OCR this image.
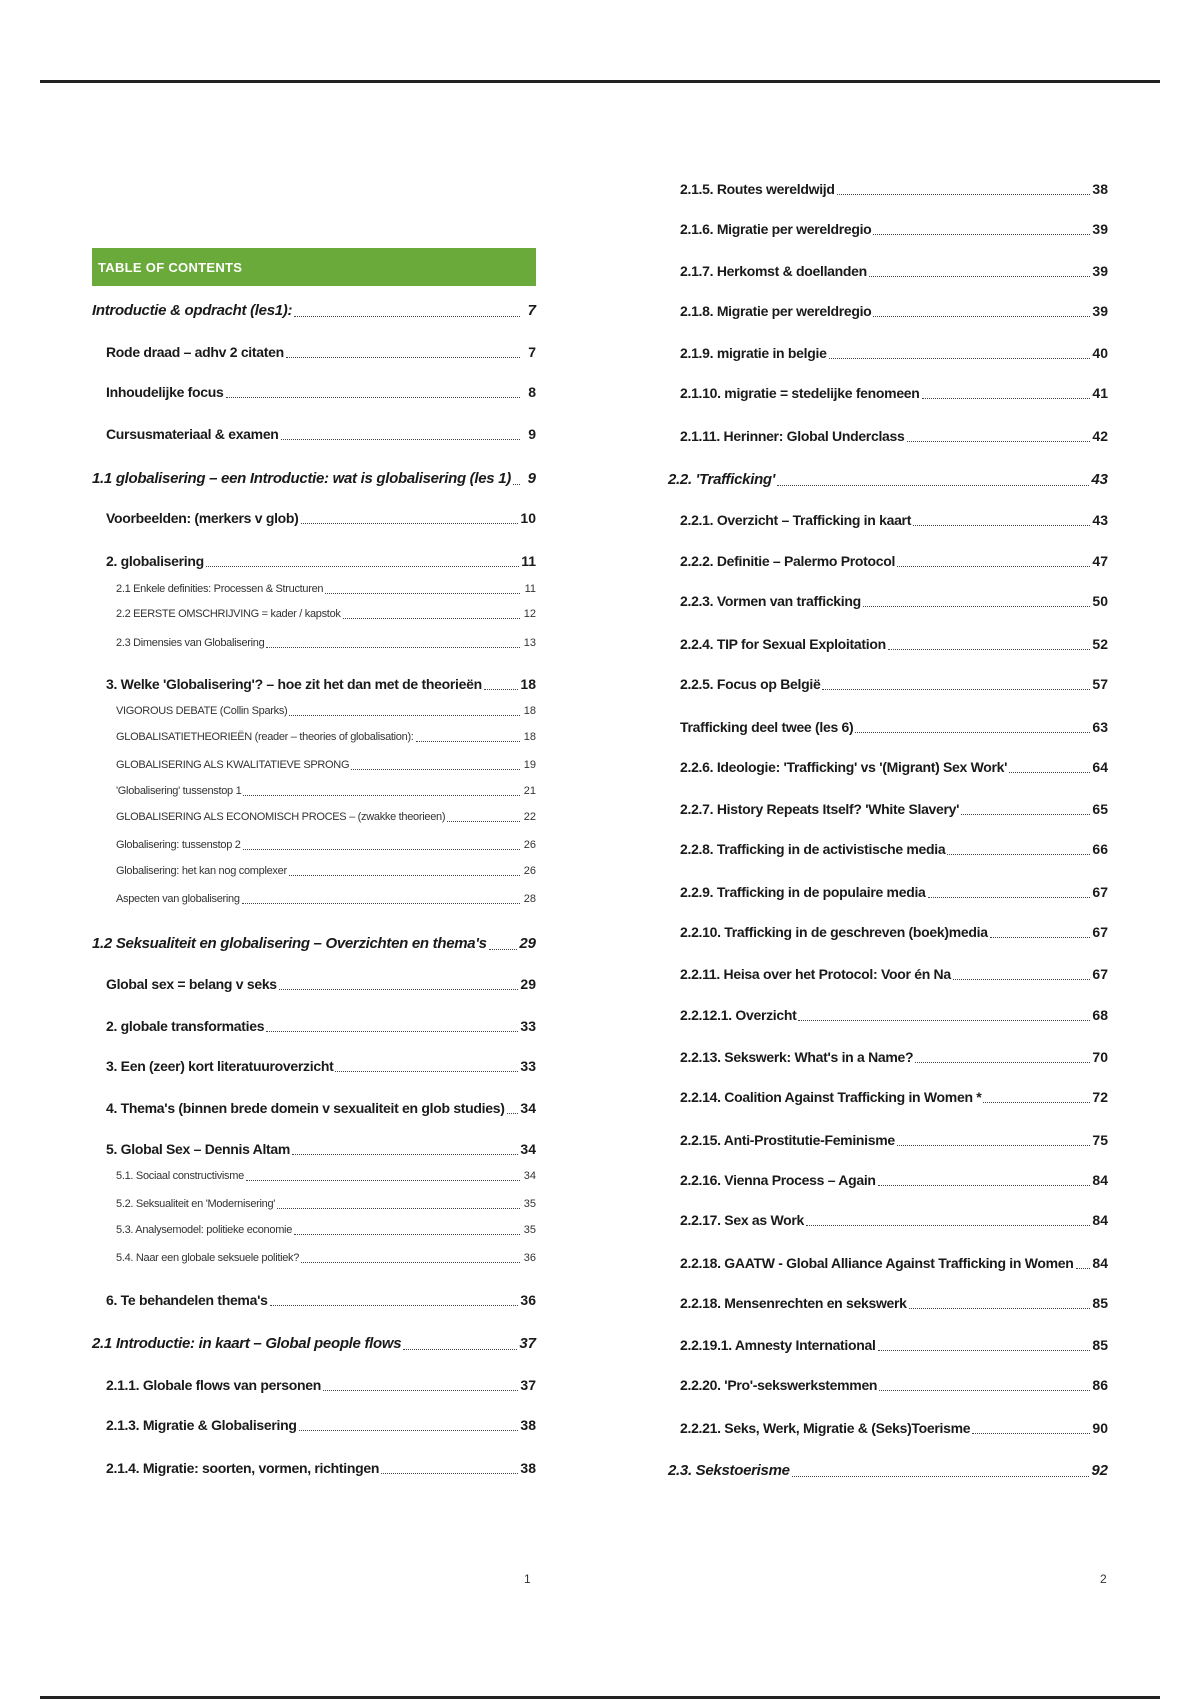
TABLE OF CONTENTS
Introductie & opdracht (les1):	7
Rode draad – adhv 2 citaten	7
Inhoudelijke focus	8
Cursusmateriaal & examen	9
1.1 globalisering – een Introductie: wat is globalisering (les 1)	9
Voorbeelden: (merkers v glob)	10
2. globalisering	11
2.1 Enkele definities: Processen & Structuren	11
2.2 EERSTE OMSCHRIJVING = kader / kapstok	12
2.3 Dimensies van Globalisering	13
3. Welke 'Globalisering'? – hoe zit het dan met de theorieën	18
VIGOROUS DEBATE (Collin Sparks)	18
GLOBALISATIETHEORIEËN (reader – theories of globalisation):	18
GLOBALISERING ALS KWALITATIEVE SPRONG	19
'Globalisering' tussenstop 1	21
GLOBALISERING ALS ECONOMISCH PROCES – (zwakke theorieen)	22
Globalisering: tussenstop 2	26
Globalisering: het kan nog complexer	26
Aspecten van globalisering	28
1.2 Seksualiteit en globalisering – Overzichten en thema's 29
Global sex = belang v seks	29
2. globale transformaties	33
3. Een (zeer) kort literatuuroverzicht	33
4. Thema's (binnen brede domein v sexualiteit en glob studies) 34
5. Global Sex – Dennis Altam	34
5.1. Sociaal constructivisme	34
5.2. Seksualiteit en 'Modernisering'	35
5.3. Analysemodel: politieke economie	35
5.4. Naar een globale seksuele politiek?	36
6. Te behandelen thema's	36
2.1 Introductie: in kaart – Global people flows	37
2.1.1. Globale flows van personen	37
2.1.3. Migratie & Globalisering	38
2.1.4. Migratie: soorten, vormen, richtingen	38
2.1.5. Routes wereldwijd	38
2.1.6. Migratie per wereldregio	39
2.1.7. Herkomst & doellanden	39
2.1.8. Migratie per wereldregio	39
2.1.9. migratie in belgie	40
2.1.10. migratie = stedelijke fenomeen	41
2.1.11. Herinner: Global Underclass	42
2.2. 'Trafficking'	43
2.2.1. Overzicht – Trafficking in kaart	43
2.2.2. Definitie – Palermo Protocol	47
2.2.3. Vormen van trafficking	50
2.2.4. TIP for Sexual Exploitation	52
2.2.5. Focus op België	57
Trafficking deel twee (les 6)	63
2.2.6. Ideologie: 'Trafficking' vs '(Migrant) Sex Work'	64
2.2.7. History Repeats Itself? 'White Slavery'	65
2.2.8. Trafficking in de activistische media	66
2.2.9. Trafficking in de populaire media	67
2.2.10. Trafficking in de geschreven (boek)media	67
2.2.11. Heisa over het Protocol: Voor én Na	67
2.2.12.1. Overzicht	68
2.2.13. Sekswerk: What's in a Name?	70
2.2.14. Coalition Against Trafficking in Women *	72
2.2.15. Anti-Prostitutie-Feminisme	75
2.2.16. Vienna Process – Again	84
2.2.17. Sex as Work	84
2.2.18. GAATW - Global Alliance Against Trafficking in Women 84
2.2.18. Mensenrechten en sekswerk	85
2.2.19.1. Amnesty International	85
2.2.20. 'Pro'-sekswerkstemmen	86
2.2.21. Seks, Werk, Migratie & (Seks)Toerisme	90
2.3. Sekstoerisme	92
1	2
